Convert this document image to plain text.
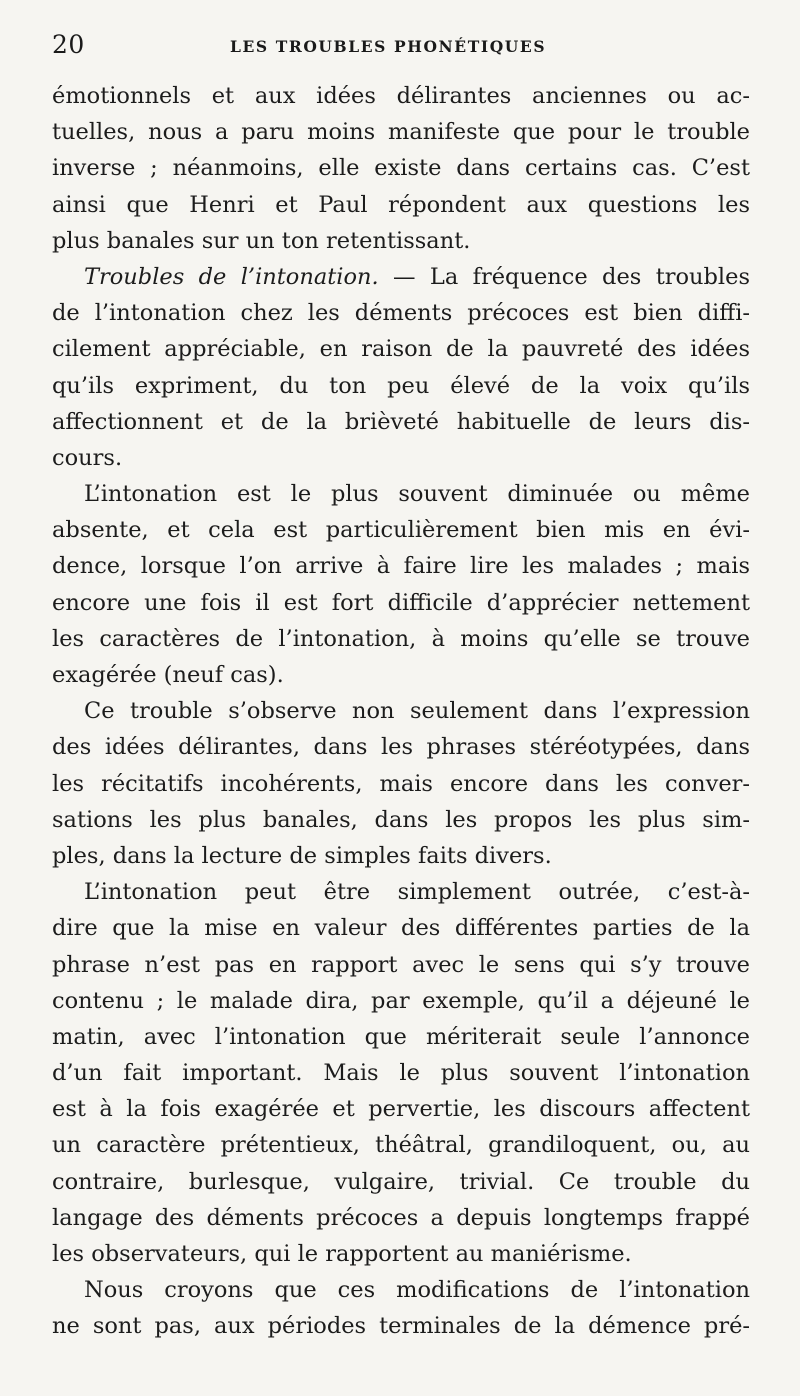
20	LES TROUBLES PHONÉTIQUES
émotionnels et aux idées délirantes anciennes ou ac-
tuelles, nous a paru moins manifeste que pour le trouble
inverse ; néanmoins, elle existe dans certains cas. C’est
ainsi que Henri et Paul répondent aux questions les
plus banales sur un ton retentissant.
Troubles de l’intonation. — La fréquence des troubles
de l’intonation chez les déments précoces est bien diffi-
cilement appréciable, en raison de la pauvreté des idées
qu’ils expriment, du ton peu élevé de la voix qu’ils
affectionnent et de la brièveté habituelle de leurs dis-
cours.
L’intonation est le plus souvent diminuée ou même
absente, et cela est particulièrement bien mis en évi-
dence, lorsque l’on arrive à faire lire les malades ; mais
encore une fois il est fort difficile d’apprécier nettement
les caractères de l’intonation, à moins qu’elle se trouve
exagérée (neuf cas).
Ce trouble s’observe non seulement dans l’expression
des idées délirantes, dans les phrases stéréotypées, dans
les récitatifs incohérents, mais encore dans les conver-
sations les plus banales, dans les propos les plus sim-
ples, dans la lecture de simples faits divers.
L’intonation peut être simplement outrée, c’est-à-
dire que la mise en valeur des différentes parties de la
phrase n’est pas en rapport avec le sens qui s’y trouve
contenu ; le malade dira, par exemple, qu’il a déjeuné le
matin, avec l’intonation que mériterait seule l’annonce
d’un fait important. Mais le plus souvent l’intonation
est à la fois exagérée et pervertie, les discours affectent
un caractère prétentieux, théâtral, grandiloquent, ou, au
contraire, burlesque, vulgaire, trivial. Ce trouble du
langage des déments précoces a depuis longtemps frappé
les observateurs, qui le rapportent au maniérisme.
Nous croyons que ces modifications de l’intonation
ne sont pas, aux périodes terminales de la démence pré-
